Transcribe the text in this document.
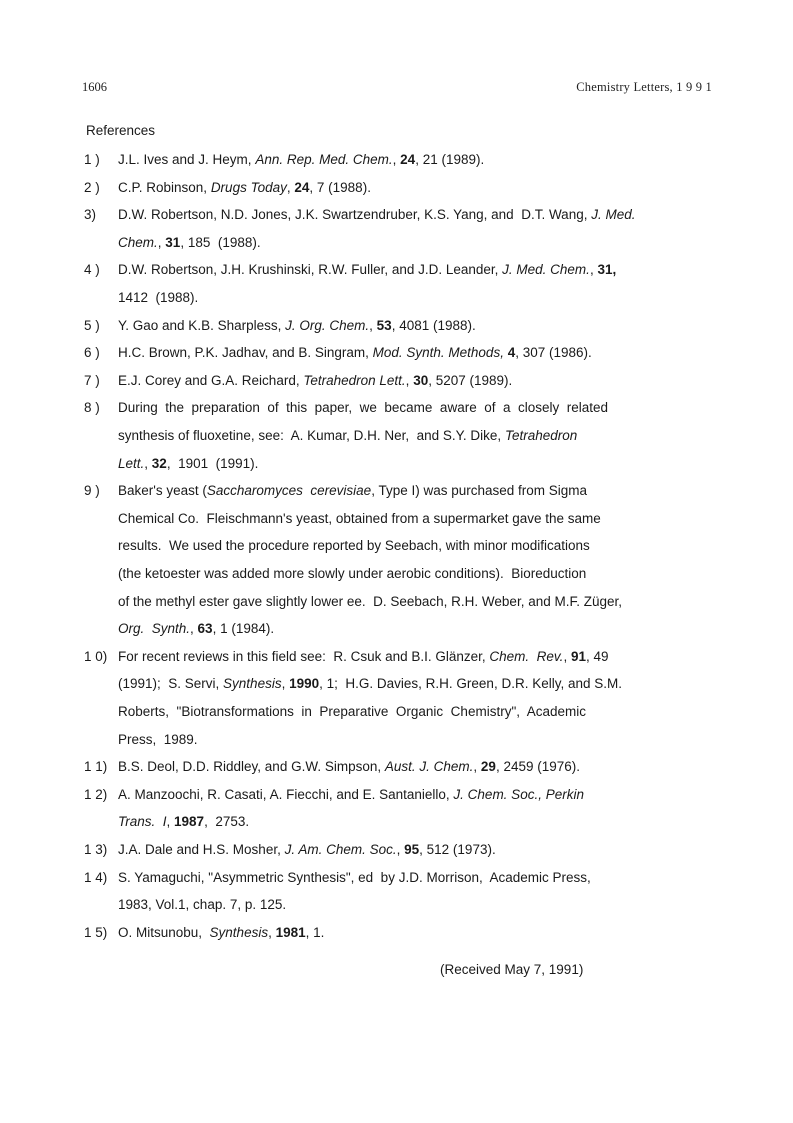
1606	Chemistry Letters, 1 9 9 1
References
1 ) J.L. Ives and J. Heym, Ann. Rep. Med. Chem., 24, 21 (1989).
2 ) C.P. Robinson, Drugs Today, 24, 7 (1988).
3) D.W. Robertson, N.D. Jones, J.K. Swartzendruber, K.S. Yang, and  D.T. Wang, J. Med.
Chem., 31, 185  (1988).
4 ) D.W. Robertson, J.H. Krushinski, R.W. Fuller, and J.D. Leander, J. Med. Chem., 31,
1412  (1988).
5 ) Y. Gao and K.B. Sharpless, J. Org. Chem., 53, 4081 (1988).
6 ) H.C. Brown, P.K. Jadhav, and B. Singram, Mod. Synth. Methods, 4, 307 (1986).
7 ) E.J. Corey and G.A. Reichard, Tetrahedron Lett., 30, 5207 (1989).
8 ) During  the  preparation  of  this  paper,  we  became  aware  of  a  closely  related
synthesis of fluoxetine, see:  A. Kumar, D.H. Ner,  and S.Y. Dike, Tetrahedron
Lett., 32,  1901  (1991).
9 ) Baker's yeast (Saccharomyces  cerevisiae, Type I) was purchased from Sigma
Chemical Co.  Fleischmann's yeast, obtained from a supermarket gave the same
results.  We used the procedure reported by Seebach, with minor modifications
(the ketoester was added more slowly under aerobic conditions).  Bioreduction
of the methyl ester gave slightly lower ee.  D. Seebach, R.H. Weber, and M.F. Züger,
Org.  Synth., 63, 1 (1984).
1 0) For recent reviews in this field see:  R. Csuk and B.I. Glänzer, Chem.  Rev., 91, 49
(1991);  S. Servi, Synthesis, 1990, 1;  H.G. Davies, R.H. Green, D.R. Kelly, and S.M.
Roberts,  "Biotransformations  in  Preparative  Organic  Chemistry",  Academic
Press,  1989.
1 1) B.S. Deol, D.D. Riddley, and G.W. Simpson, Aust. J. Chem., 29, 2459 (1976).
1 2) A. Manzoochi, R. Casati, A. Fiecchi, and E. Santaniello, J. Chem. Soc., Perkin
Trans.  I, 1987,  2753.
1 3) J.A. Dale and H.S. Mosher, J. Am. Chem. Soc., 95, 512 (1973).
1 4) S. Yamaguchi, "Asymmetric Synthesis", ed  by J.D. Morrison,  Academic Press,
1983, Vol.1, chap. 7, p. 125.
1 5) O. Mitsunobu,  Synthesis, 1981, 1.
(Received May 7, 1991)
